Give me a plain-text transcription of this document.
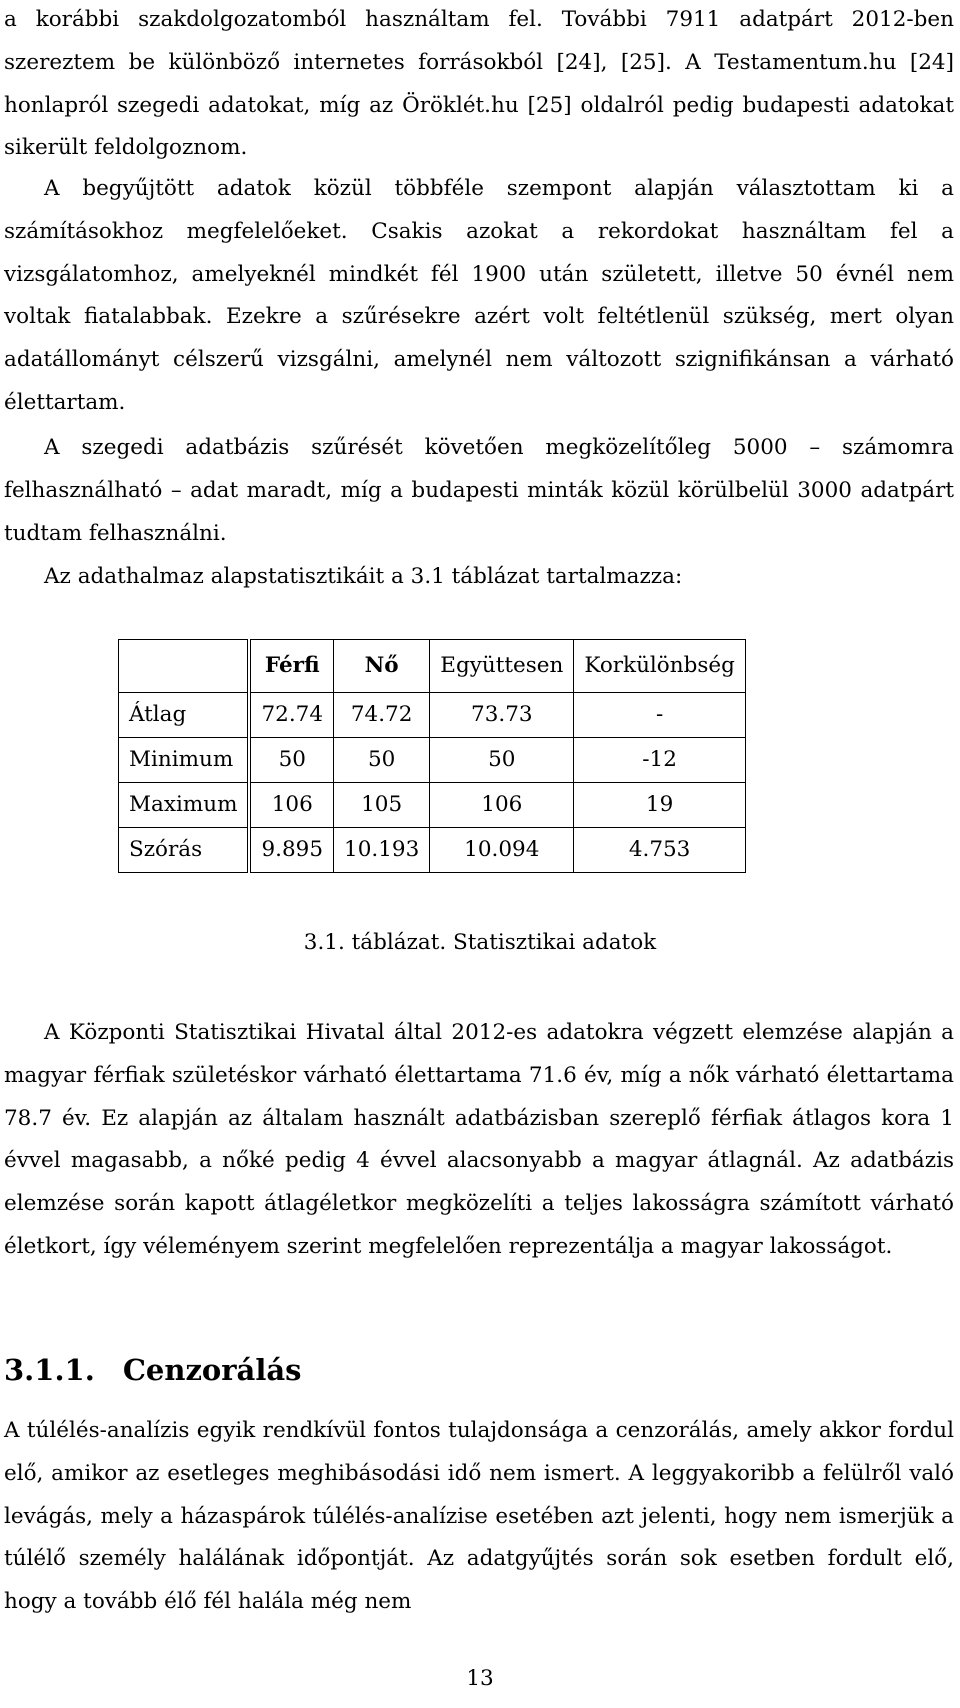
a korábbi szakdolgozatomból használtam fel. További 7911 adatpárt 2012-ben szereztem be különböző internetes forrásokból [24], [25]. A Testamentum.hu [24] honlapról szegedi adatokat, míg az Öröklét.hu [25] oldalról pedig budapesti adatokat sikerült feldolgoznom.

A begyűjtött adatok közül többféle szempont alapján választottam ki a számításokhoz megfelelőeket. Csakis azokat a rekordokat használtam fel a vizsgálatomhoz, amelyeknél mindkét fél 1900 után született, illetve 50 évnél nem voltak fiatalabbak. Ezekre a szűrésekre azért volt feltétlenül szükség, mert olyan adatállományt célszerű vizsgálni, amelynél nem változott szignifikánsan a várható élettartam.

A szegedi adatbázis szűrését követően megközelítőleg 5000 – számomra felhasználható – adat maradt, míg a budapesti minták közül körülbelül 3000 adatpárt tudtam felhasználni.

Az adathalmaz alapstatisztikáit a 3.1 táblázat tartalmazza:

	Férfi	Nő	Együttesen	Korkülönbség
Átlag	72.74	74.72	73.73	-
Minimum	50	50	50	-12
Maximum	106	105	106	19
Szórás	9.895	10.193	10.094	4.753

3.1. táblázat. Statisztikai adatok

A Központi Statisztikai Hivatal által 2012-es adatokra végzett elemzése alapján a magyar férfiak születéskor várható élettartama 71.6 év, míg a nők várható élettartama 78.7 év. Ez alapján az általam használt adatbázisban szereplő férfiak átlagos kora 1 évvel magasabb, a nőké pedig 4 évvel alacsonyabb a magyar átlagnál. Az adatbázis elemzése során kapott átlagéletkor megközelíti a teljes lakosságra számított várható életkort, így véleményem szerint megfelelően reprezentálja a magyar lakosságot.

3.1.1. Cenzorálás

A túlélés-analízis egyik rendkívül fontos tulajdonsága a cenzorálás, amely akkor fordul elő, amikor az esetleges meghibásodási idő nem ismert. A leggyakoribb a felülről való levágás, mely a házaspárok túlélés-analízise esetében azt jelenti, hogy nem ismerjük a túlélő személy halálának időpontját. Az adatgyűjtés során sok esetben fordult elő, hogy a tovább élő fél halála még nem

13
